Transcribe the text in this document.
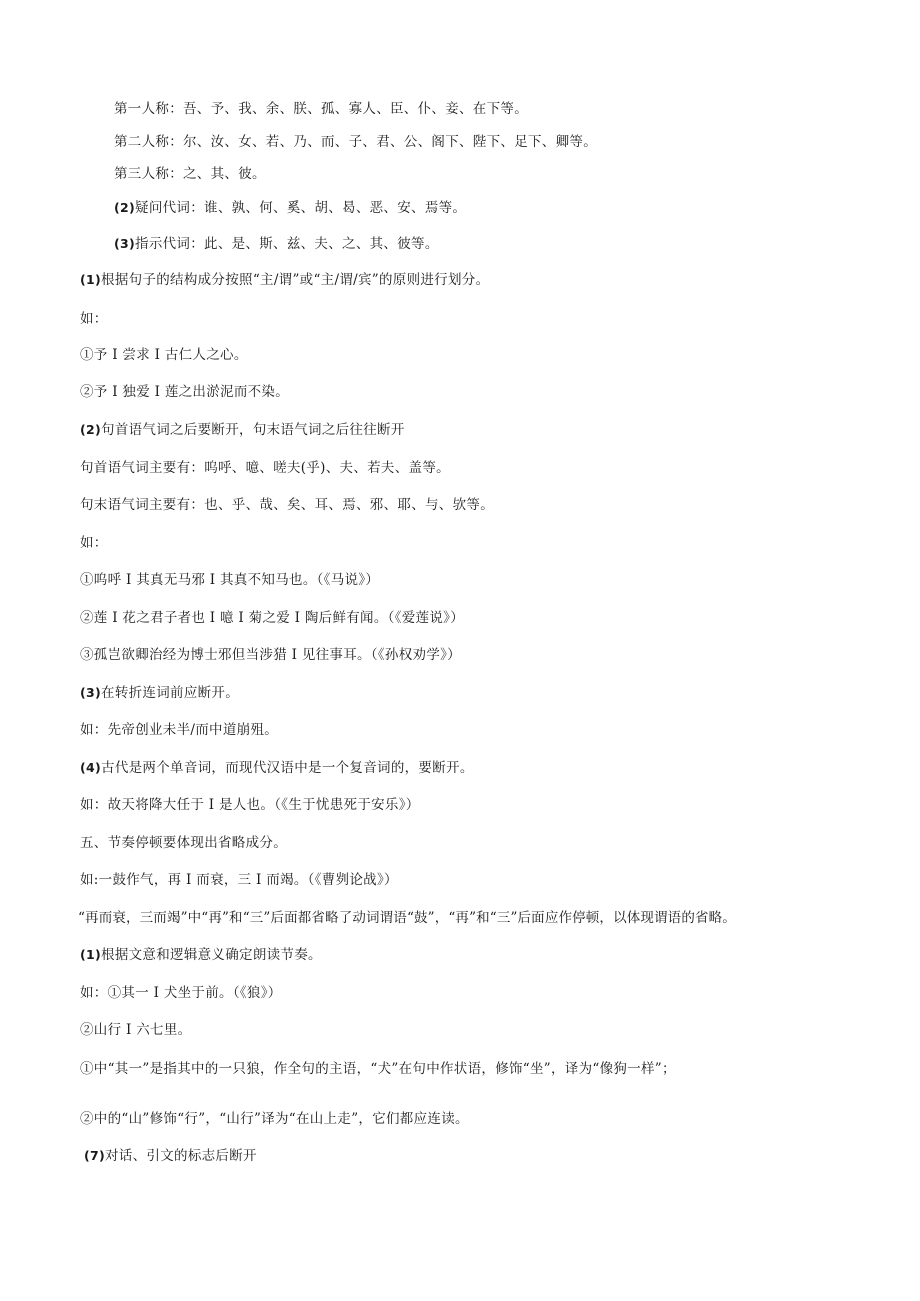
第一人称：吾、予、我、余、朕、孤、寡人、臣、仆、妾、在下等。
第二人称：尔、汝、女、若、乃、而、子、君、公、阁下、陛下、足下、卿等。
第三人称：之、其、彼。
(2)疑问代词：谁、孰、何、奚、胡、曷、恶、安、焉等。
(3)指示代词：此、是、斯、兹、夫、之、其、彼等。
(1)根据句子的结构成分按照“主/谓”或“主/谓/宾”的原则进行划分。
如：
①予 I 尝求 I 古仁人之心。
②予 I 独爱 I 莲之出淤泥而不染。
(2)句首语气词之后要断开，句末语气词之后往往断开
句首语气词主要有：呜呼、噫、嗟夫(乎)、夫、若夫、盖等。
句末语气词主要有：也、乎、哉、矣、耳、焉、邪、耶、与、欤等。
如：
①呜呼 I 其真无马邪 I 其真不知马也。（《马说》）
②莲 I 花之君子者也 I 噫 I 菊之爱 I 陶后鲜有闻。（《爱莲说》）
③孤岂欲卿治经为博士邪但当涉猎 I 见往事耳。（《孙权劝学》）
(3)在转折连词前应断开。
如：先帝创业未半/而中道崩殂。
(4)古代是两个单音词，而现代汉语中是一个复音词的，要断开。
如：故天将降大任于 I 是人也。（《生于忧患死于安乐》）
五、节奏停顿要体现出省略成分。
如:一鼓作气，再 I 而衰，三 I 而竭。（《曹刿论战》）
“再而衰，三而竭”中“再”和“三”后面都省略了动词谓语“鼓”，“再”和“三”后面应作停顿，以体现谓语的省略。
(1)根据文意和逻辑意义确定朗读节奏。
如：①其一 I 犬坐于前。（《狼》）
②山行 I 六七里。
①中“其一”是指其中的一只狼，作全句的主语，“犬”在句中作状语，修饰“坐”，译为“像狗一样”；
②中的“山”修饰“行”，“山行”译为“在山上走”，它们都应连读。
(7)对话、引文的标志后断开
